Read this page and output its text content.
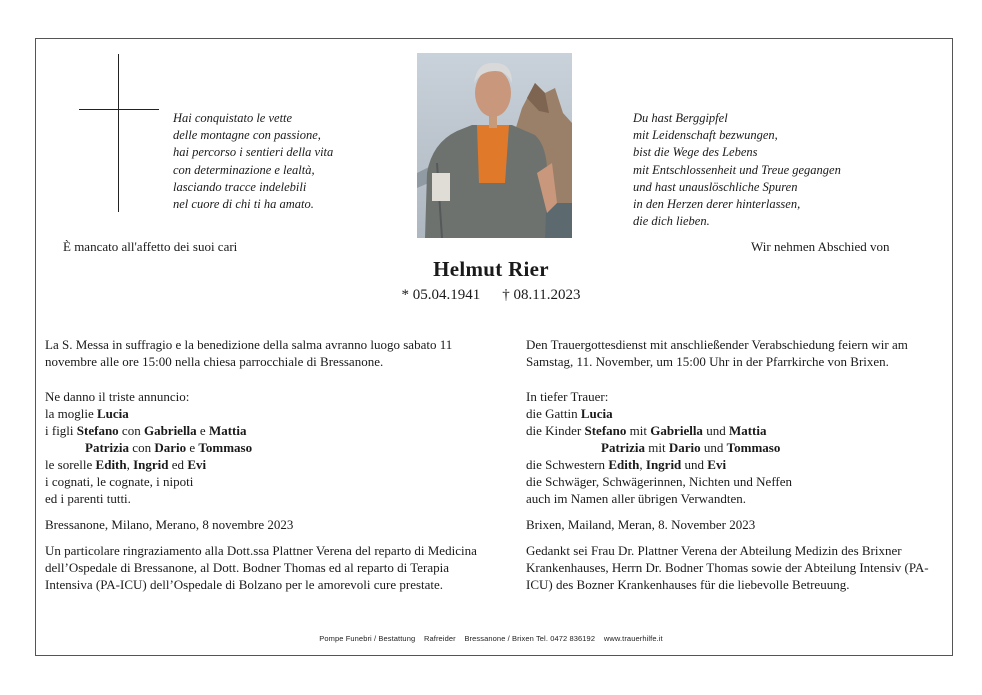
Hai conquistato le vette
delle montagne con passione,
hai percorso i sentieri della vita
con determinazione e lealtà,
lasciando tracce indelebili
nel cuore di chi ti ha amato.
Du hast Berggipfel
mit Leidenschaft bezwungen,
bist die Wege des Lebens
mit Entschlossenheit und Treue gegangen
und hast unauslöschliche Spuren
in den Herzen derer hinterlassen,
die dich lieben.
È mancato all'affetto dei suoi cari	Wir nehmen Abschied von
Helmut Rier
* 05.04.1941 † 08.11.2023

La S. Messa in suffragio e la benedizione della salma avranno luogo sabato 11 novembre alle ore 15:00 nella chiesa parrocchiale di Bressanone.

Ne danno il triste annuncio:
la moglie Lucia
i figli Stefano con Gabriella e Mattia
Patrizia con Dario e Tommaso
le sorelle Edith, Ingrid ed Evi
i cognati, le cognate, i nipoti
ed i parenti tutti.
Bressanone, Milano, Merano, 8 novembre 2023

Un particolare ringraziamento alla Dott.ssa Plattner Verena del reparto di Medicina dell’Ospedale di Bressanone, al Dott. Bodner Thomas ed al reparto di Terapia Intensiva (PA-ICU) dell’Ospedale di Bolzano per le amorevoli cure prestate.

Den Trauergottesdienst mit anschließender Verabschiedung feiern wir am Samstag, 11. November, um 15:00 Uhr in der Pfarrkirche von Brixen.

In tiefer Trauer:
die Gattin Lucia
die Kinder Stefano mit Gabriella und Mattia
Patrizia mit Dario und Tommaso
die Schwestern Edith, Ingrid und Evi
die Schwäger, Schwägerinnen, Nichten und Neffen
auch im Namen aller übrigen Verwandten.
Brixen, Mailand, Meran, 8. November 2023

Gedankt sei Frau Dr. Plattner Verena der Abteilung Medizin des Brixner Krankenhauses, Herrn Dr. Bodner Thomas sowie der Abteilung Intensiv (PA-ICU) des Bozner Krankenhauses für die liebevolle Betreuung.

Pompe Funebri / Bestattung    Rafreider    Bressanone / Brixen Tel. 0472 836192    www.trauerhilfe.it
